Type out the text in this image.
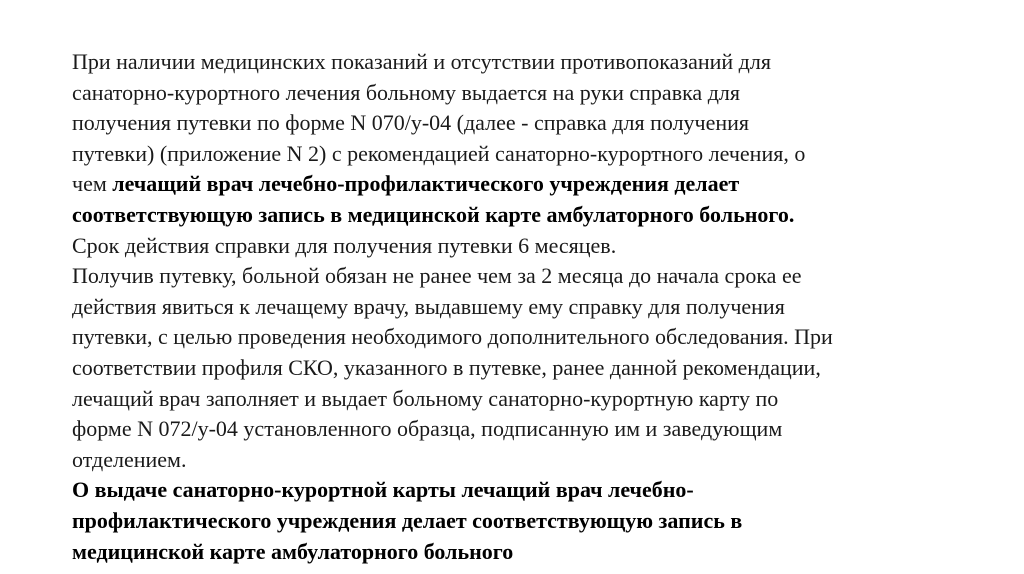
При наличии медицинских показаний и отсутствии противопоказаний для
санаторно-курортного лечения больному выдается на руки справка для
получения путевки по форме N 070/у-04 (далее - справка для получения
путевки) (приложение N 2) с рекомендацией санаторно-курортного лечения, о
чем лечащий врач лечебно-профилактического учреждения делает
соответствующую запись в медицинской карте амбулаторного больного.
Срок действия справки для получения путевки 6 месяцев.
Получив путевку, больной обязан не ранее чем за 2 месяца до начала срока ее
действия явиться к лечащему врачу, выдавшему ему справку для получения
путевки, с целью проведения необходимого дополнительного обследования. При
соответствии профиля СКО, указанного в путевке, ранее данной рекомендации,
лечащий врач заполняет и выдает больному санаторно-курортную карту по
форме N 072/у-04 установленного образца, подписанную им и заведующим
отделением.
О выдаче санаторно-курортной карты лечащий врач лечебно-
профилактического учреждения делает соответствующую запись в
медицинской карте амбулаторного больного
